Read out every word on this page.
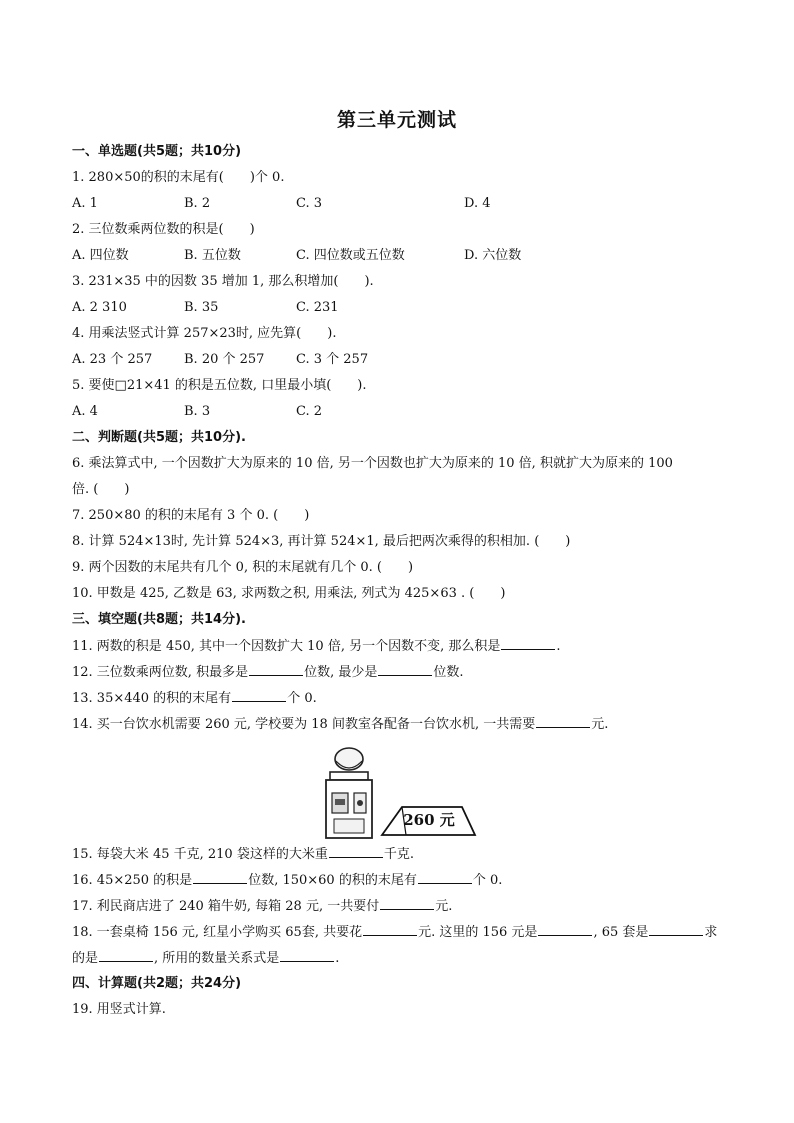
第三单元测试
一、单选题(共5题；共10分)
1. 280×50的积的末尾有(　　)个 0.
A. 1	B. 2	C. 3	D. 4
2. 三位数乘两位数的积是(　　)
A. 四位数	B. 五位数	C. 四位数或五位数	D. 六位数
3. 231×35 中的因数 35 增加 1, 那么积增加(　　).
A. 2 310	B. 35	C. 231
4. 用乘法竖式计算 257×23时, 应先算(　　).
A. 23 个 257 B. 20 个 257 C. 3 个 257
5. 要使□21×41 的积是五位数, 口里最小填(　　).
A. 4	B. 3	C. 2
二、判断题(共5题；共10分).
6. 乘法算式中, 一个因数扩大为原来的 10 倍, 另一个因数也扩大为原来的 10 倍, 积就扩大为原来的 100
倍. (　　)
7. 250×80 的积的末尾有 3 个 0. (　　)
8. 计算 524×13时, 先计算 524×3, 再计算 524×1, 最后把两次乘得的积相加. (　　)
9. 两个因数的末尾共有几个 0, 积的末尾就有几个 0. (　　)
10. 甲数是 425, 乙数是 63, 求两数之积, 用乘法, 列式为 425×63 . (　　)
三、填空题(共8题；共14分).
11. 两数的积是 450, 其中一个因数扩大 10 倍, 另一个因数不变, 那么积是	.
12. 三位数乘两位数, 积最多是	位数, 最少是	位数.
13. 35×440 的积的末尾有	个 0.
14. 买一台饮水机需要 260 元, 学校要为 18 间教室各配备一台饮水机, 一共需要	元.
260 元
15. 每袋大米 45 千克, 210 袋这样的大米重	千克.
16. 45×250 的积是	位数, 150×60 的积的末尾有	个 0.
17. 利民商店进了 240 箱牛奶, 每箱 28 元, 一共要付	元.
18. 一套桌椅 156 元, 红星小学购买 65套, 共要花	元. 这里的 156 元是	, 65 套是	求
的是	, 所用的数量关系式是	.
四、计算题(共2题；共24分)
19. 用竖式计算.
